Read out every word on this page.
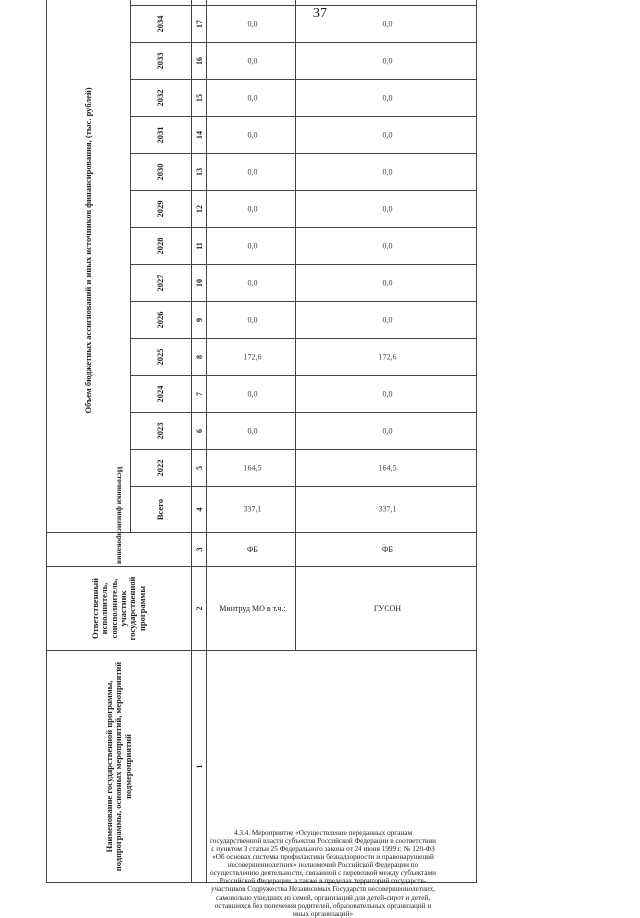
37
Наименование государственной программы, подпрограммы, основных мероприятий, мероприятий подмероприятий	Ответственный исполнитель, соисполнитель, участник государственной программы	Источники финансирования	Объем бюджетных ассигнований и иных источников финансирования, (тыс. рублей)														
			Всего	2022	2023	2024	2025	2026	2027	2028	2029	2030	2031	2032	2033	2034	
1	2	3	4	5	6	7	8	9	10	11	12	13	14	15	16	17	

4.3.4. Мероприятие «Осуществление переданных органам государственной власти субъектов Российской Федерации в соответствии с пунктом 3 статьи 25 Федерального закона от 24 июня 1999 г. № 120-ФЗ «Об основах системы профилактики безнадзорности и правонарушений несовершеннолетних» полномочий Российской Федерации по осуществлению деятельности, связанной с перевозкой между субъектами Российской Федерации, а также в пределах территорий государств-участников Содружества Независимых Государств несовершеннолетних, самовольно ушедших из семей, организаций для детей-сирот и детей, оставшихся без попечения родителей, образовательных организаций и иных организаций»	Минтруд МО в т.ч.:	ФБ	337,1	164,5	0,0	0,0	172,6	0,0	0,0	0,0	0,0	0,0	0,0	0,0	0,0	0,0	
	ГУСОН	ФБ	337,1	164,5	0,0	0,0	172,6	0,0	0,0	0,0	0,0	0,0	0,0	0,0	0,0	0,0	
